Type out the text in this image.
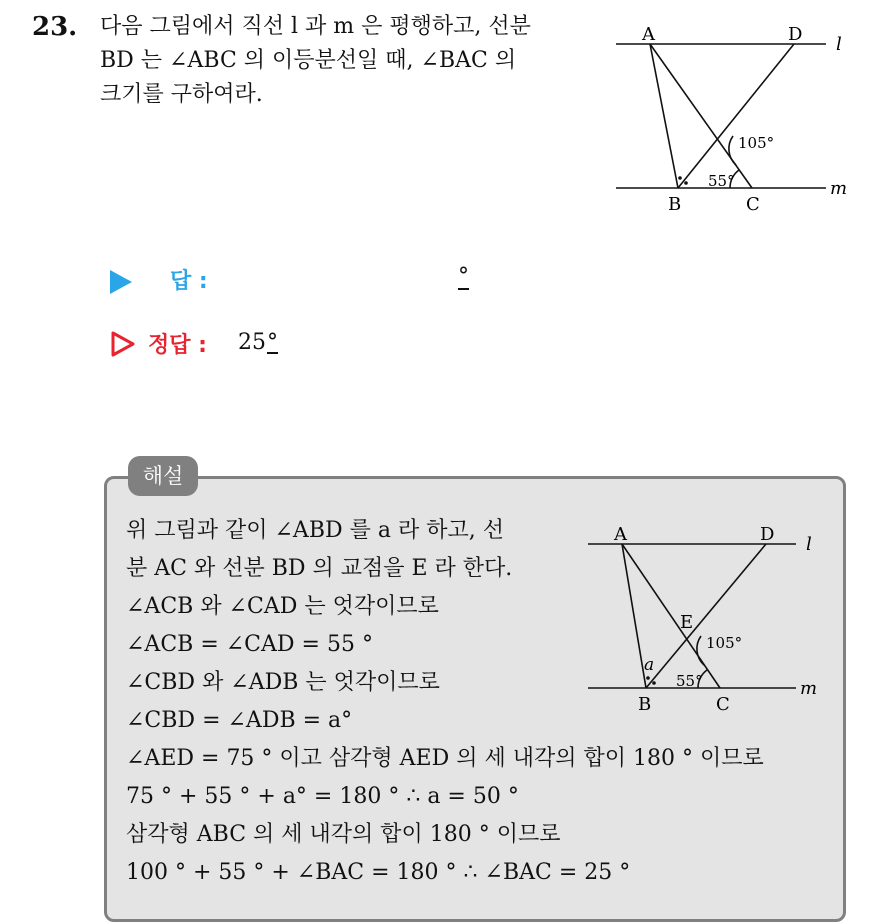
23. 다음 그림에서 직선 l 과 m 은 평행하고, 선분
BD 는 ∠ABC 의 이등분선일 때, ∠BAC 의
크기를 구하여라.
A	D l
m
B	C
105°
55°
답 :	°
정답 : 25°
해설
위 그림과 같이 ∠ABD 를 a 라 하고, 선
분 AC 와 선분 BD 의 교점을 E 라 한다.
∠ACB 와 ∠CAD 는 엇각이므로
∠ACB = ∠CAD = 55 °
∠CBD 와 ∠ADB 는 엇각이므로
∠CBD = ∠ADB = a°
∠AED = 75 ° 이고 삼각형 AED 의 세 내각의 합이 180 ° 이므로
75 ° + 55 ° + a° = 180 ° ∴ a = 50 °
삼각형 ABC 의 세 내각의 합이 180 ° 이므로
100 ° + 55 ° + ∠BAC = 180 ° ∴ ∠BAC = 25 °
A	D l
m
B	C
E
a
105°
55°
